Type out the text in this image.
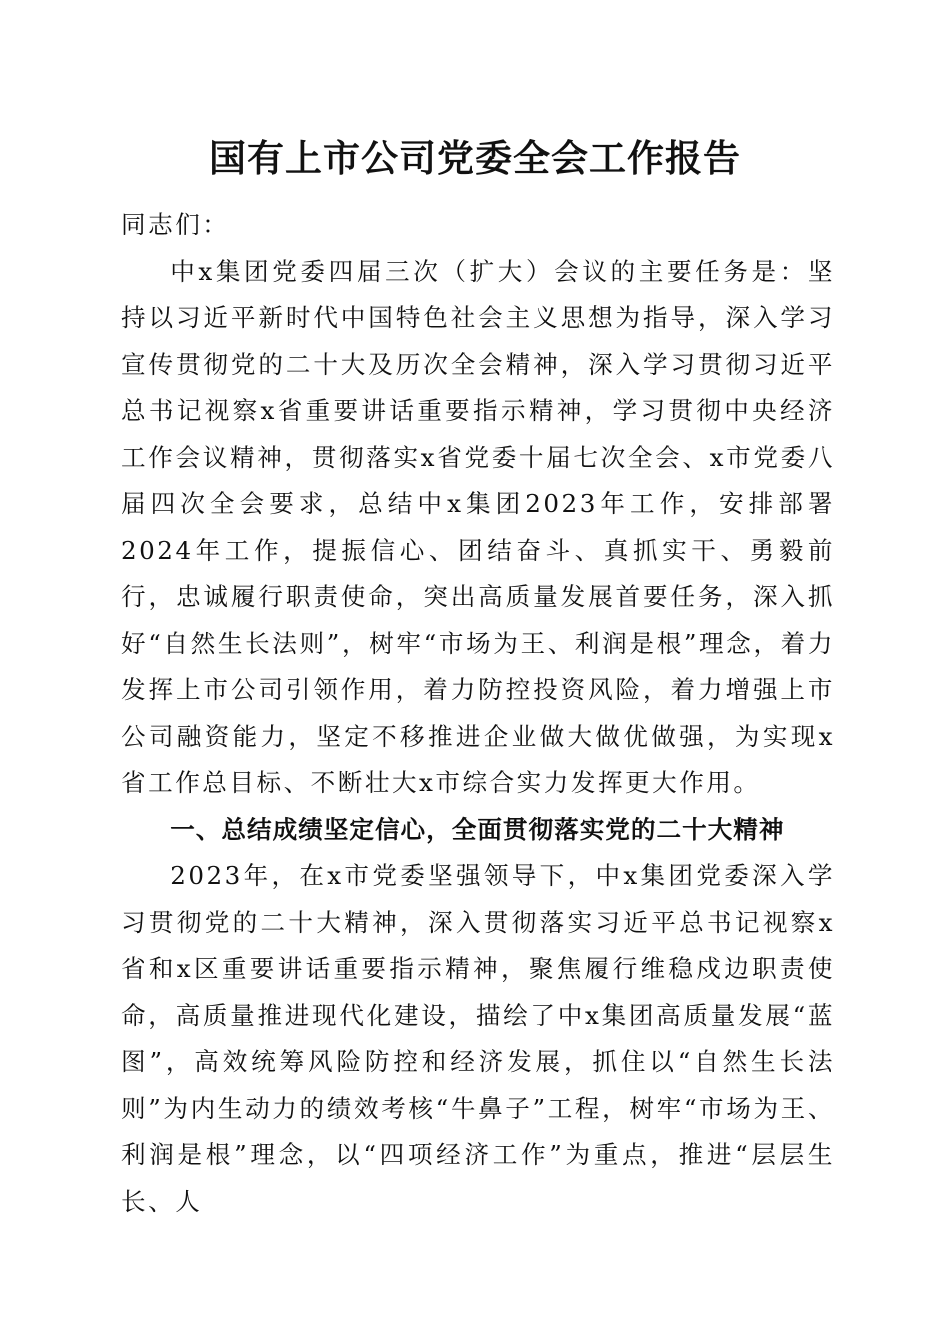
国有上市公司党委全会工作报告

同志们：

中x集团党委四届三次（扩大）会议的主要任务是：坚持以习近平新时代中国特色社会主义思想为指导，深入学习宣传贯彻党的二十大及历次全会精神，深入学习贯彻习近平总书记视察x省重要讲话重要指示精神，学习贯彻中央经济工作会议精神，贯彻落实x省党委十届七次全会、x市党委八届四次全会要求，总结中x集团2023年工作，安排部署2024年工作，提振信心、团结奋斗、真抓实干、勇毅前行，忠诚履行职责使命，突出高质量发展首要任务，深入抓好“自然生长法则”，树牢“市场为王、利润是根”理念，着力发挥上市公司引领作用，着力防控投资风险，着力增强上市公司融资能力，坚定不移推进企业做大做优做强，为实现x省工作总目标、不断壮大x市综合实力发挥更大作用。

一、总结成绩坚定信心，全面贯彻落实党的二十大精神

2023年，在x市党委坚强领导下，中x集团党委深入学习贯彻党的二十大精神，深入贯彻落实习近平总书记视察x省和x区重要讲话重要指示精神，聚焦履行维稳戍边职责使命，高质量推进现代化建设，描绘了中x集团高质量发展“蓝图”，高效统筹风险防控和经济发展，抓住以“自然生长法则”为内生动力的绩效考核“牛鼻子”工程，树牢“市场为王、利润是根”理念，以“四项经济工作”为重点，推进“层层生长、人
